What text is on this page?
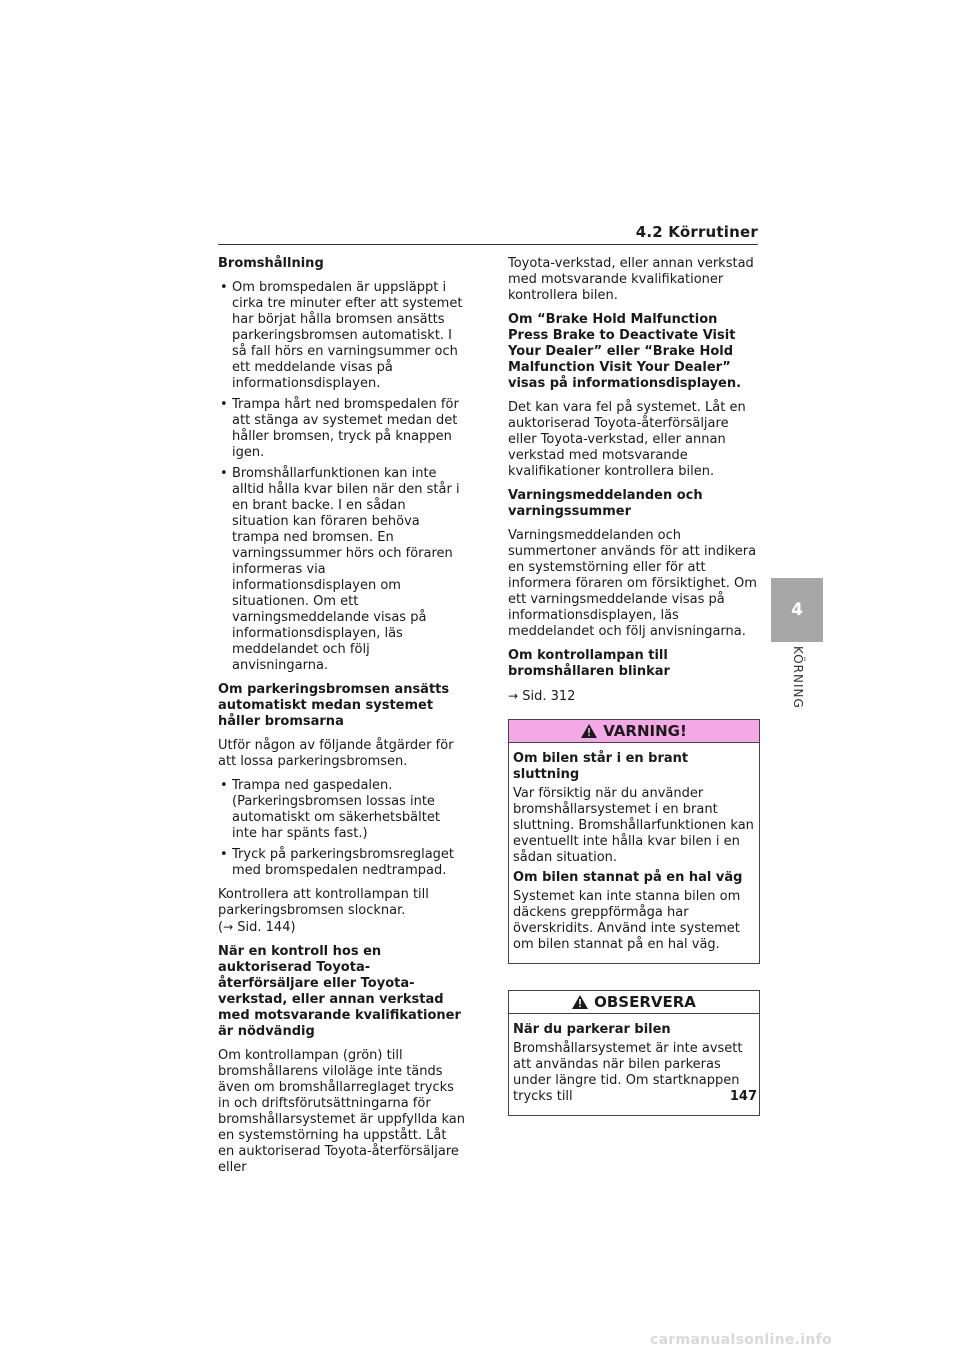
4.2 Körrutiner
4
KÖRNING
Bromshållning
• Om bromspedalen är uppsläppt i cirka tre minuter efter att systemet har börjat hålla bromsen ansätts parkeringsbromsen automatiskt. I så fall hörs en varningsummer och ett meddelande visas på informationsdisplayen.
• Trampa hårt ned bromspedalen för att stänga av systemet medan det håller bromsen, tryck på knappen igen.
• Bromshållarfunktionen kan inte alltid hålla kvar bilen när den står i en brant backe. I en sådan situation kan föraren behöva trampa ned bromsen. En varningssummer hörs och föraren informeras via informationsdisplayen om situationen. Om ett varningsmeddelande visas på informationsdisplayen, läs meddelandet och följ anvisningarna.
Om parkeringsbromsen ansätts automatiskt medan systemet håller bromsarna
Utför någon av följande åtgärder för att lossa parkeringsbromsen.
• Trampa ned gaspedalen. (Parkeringsbromsen lossas inte automatiskt om säkerhetsbältet inte har spänts fast.)
• Tryck på parkeringsbromsreglaget med bromspedalen nedtrampad.
Kontrollera att kontrollampan till parkeringsbromsen slocknar.
(→ Sid. 144)
När en kontroll hos en auktoriserad Toyota-återförsäljare eller Toyota-verkstad, eller annan verkstad med motsvarande kvalifikationer är nödvändig
Om kontrollampan (grön) till bromshållarens viloläge inte tänds även om bromshållarreglaget trycks in och driftsförutsättningarna för bromshållarsystemet är uppfyllda kan en systemstörning ha uppstått. Låt en auktoriserad Toyota-återförsäljare eller
Toyota-verkstad, eller annan verkstad med motsvarande kvalifikationer kontrollera bilen.
Om “Brake Hold Malfunction Press Brake to Deactivate Visit Your Dealer” eller “Brake Hold Malfunction Visit Your Dealer” visas på informationsdisplayen.
Det kan vara fel på systemet. Låt en auktoriserad Toyota-återförsäljare eller Toyota-verkstad, eller annan verkstad med motsvarande kvalifikationer kontrollera bilen.
Varningsmeddelanden och varningssummer
Varningsmeddelanden och summertoner används för att indikera en systemstörning eller för att informera föraren om försiktighet. Om ett varningsmeddelande visas på informationsdisplayen, läs meddelandet och följ anvisningarna.
Om kontrollampan till bromshållaren blinkar
→ Sid. 312
VARNING!
Om bilen står i en brant sluttning
Var försiktig när du använder bromshållarsystemet i en brant sluttning. Bromshållarfunktionen kan eventuellt inte hålla kvar bilen i en sådan situation.
Om bilen stannat på en hal väg
Systemet kan inte stanna bilen om däckens greppförmåga har överskridits. Använd inte systemet om bilen stannat på en hal väg.
OBSERVERA
När du parkerar bilen
Bromshållarsystemet är inte avsett att användas när bilen parkeras under längre tid. Om startknappen trycks till	147
carmanualsonline.info
